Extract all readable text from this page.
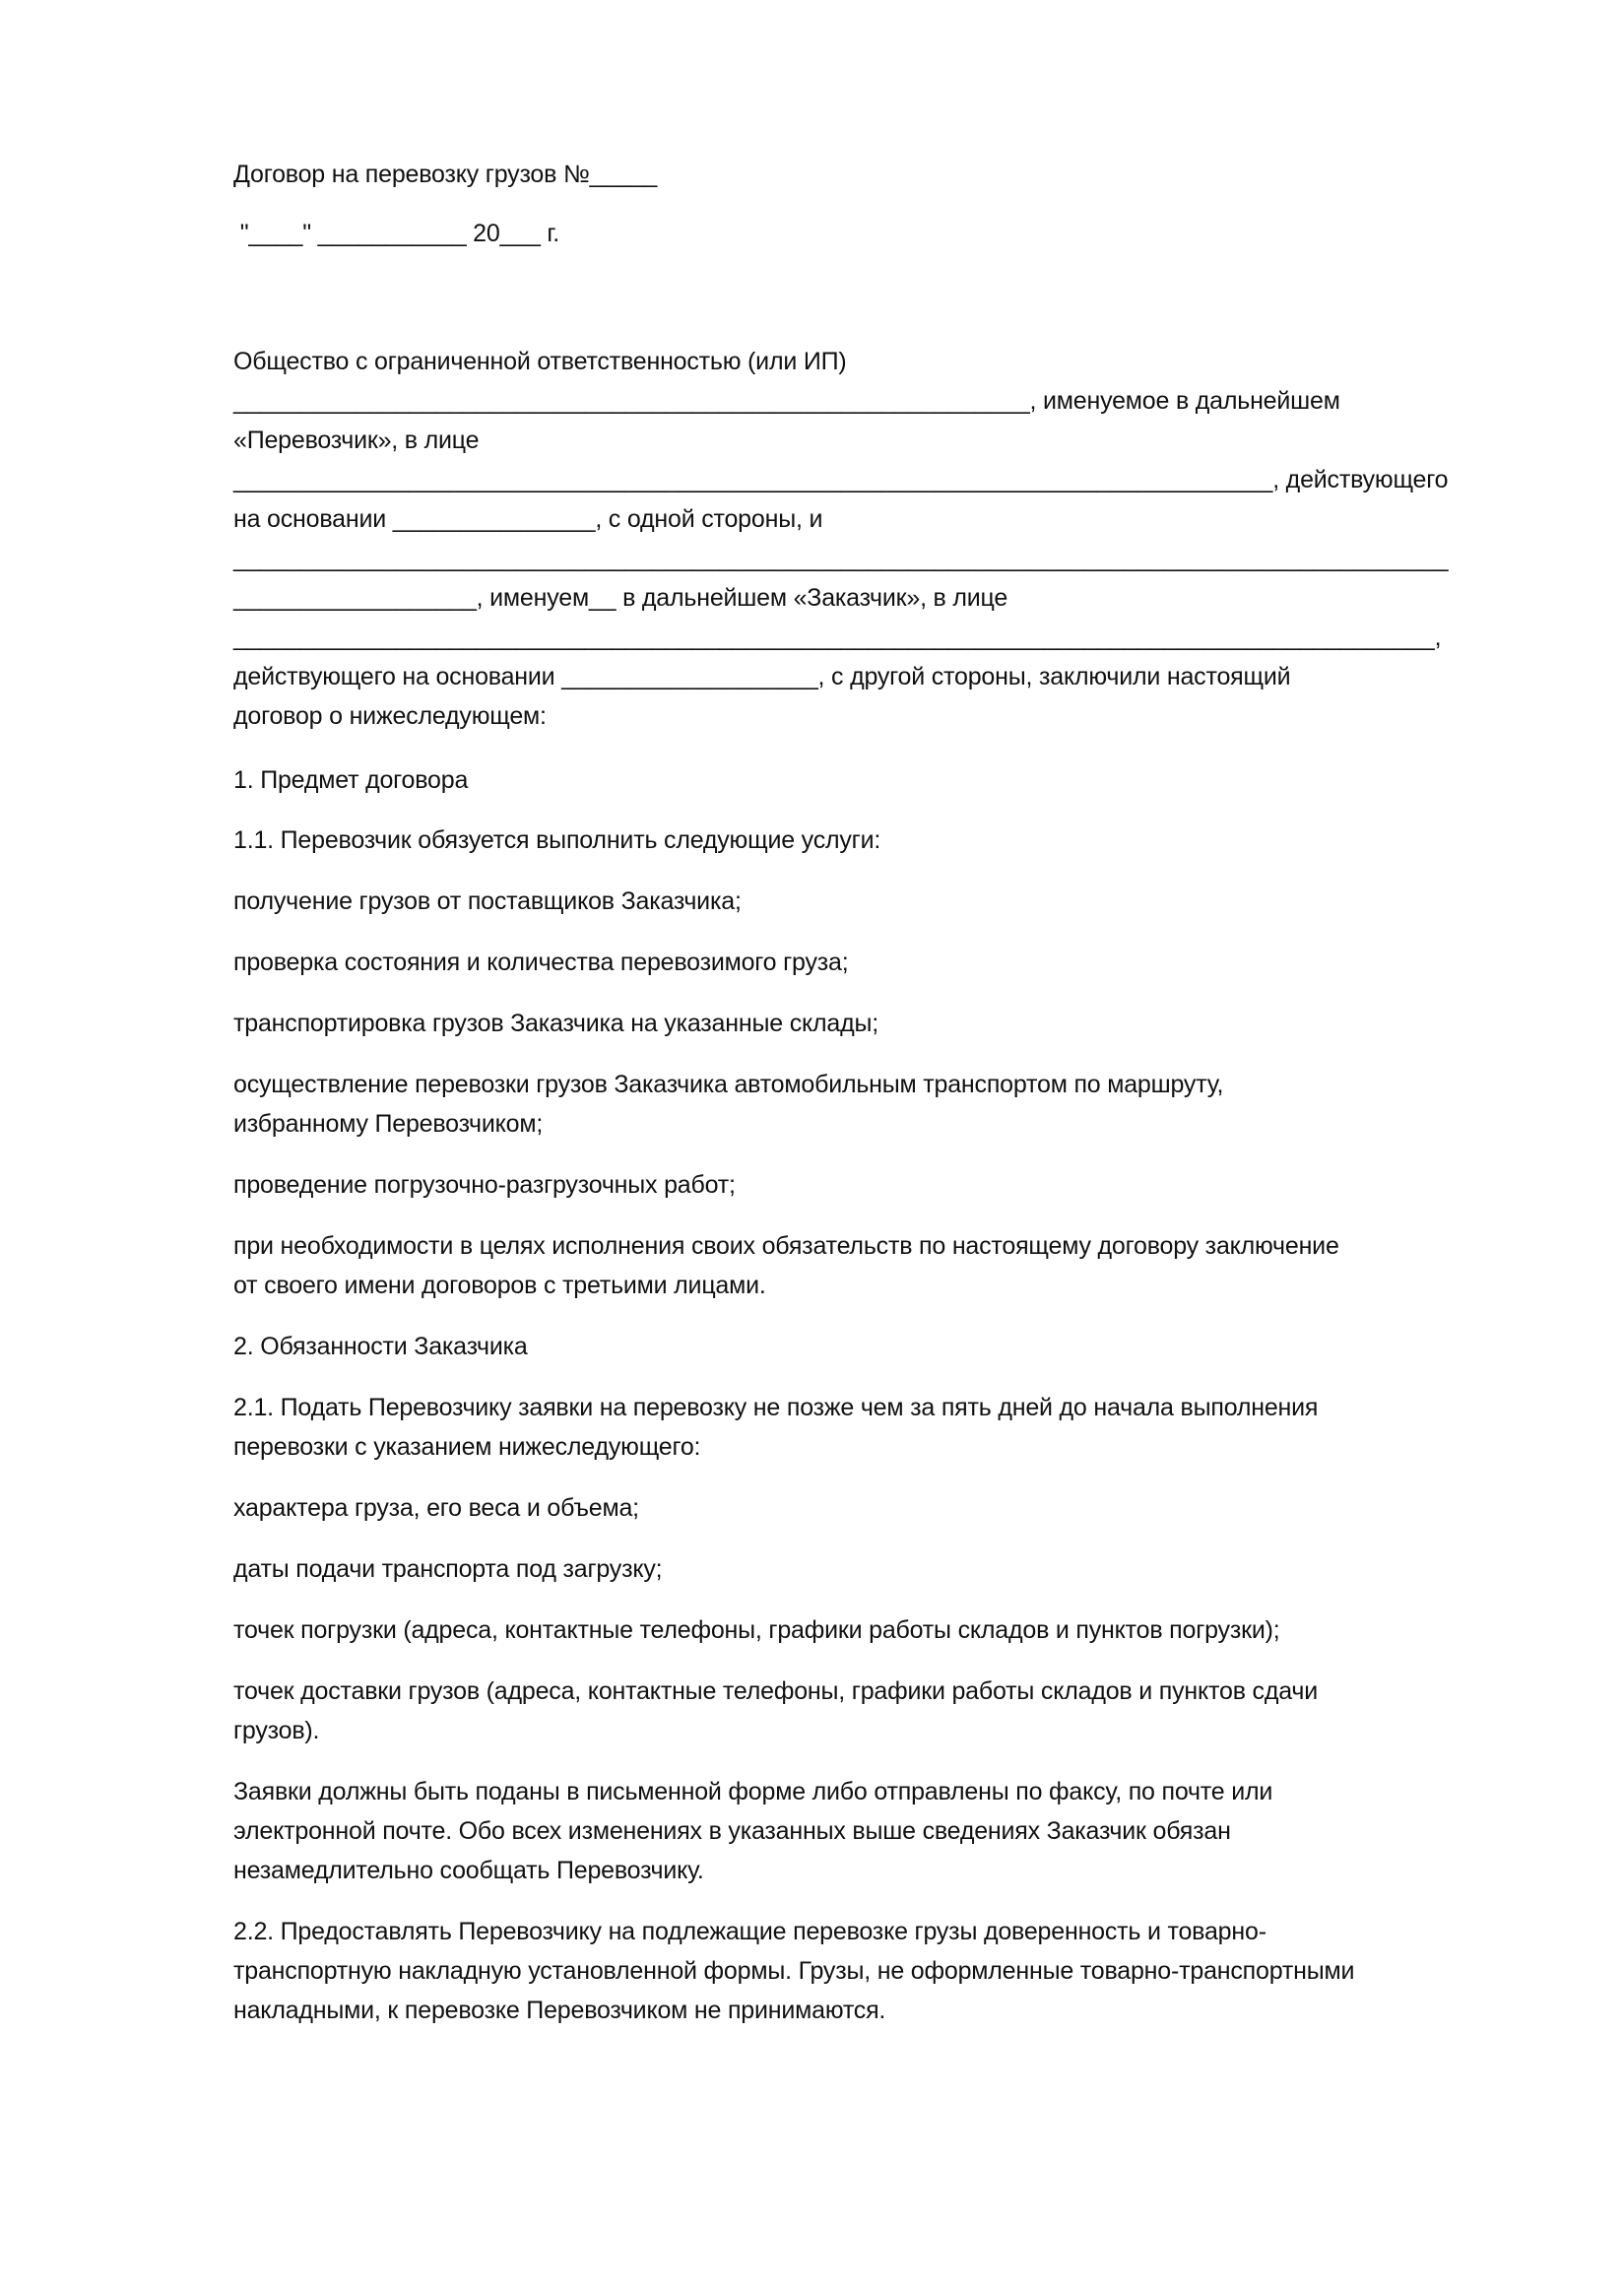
Договор на перевозку грузов №_____
"____" ___________ 20___ г.
Общество с ограниченной ответственностью (или ИП)
___________________________________________________________, именуемое в дальнейшем
«Перевозчик», в лице
_____________________________________________________________________________, действующего
на основании _______________, с одной стороны, и
__________________________________________________________________________________________
__________________, именуем__ в дальнейшем «Заказчик», в лице
_________________________________________________________________________________________,
действующего на основании ___________________, с другой стороны, заключили настоящий
договор о нижеследующем:
1. Предмет договора
1.1. Перевозчик обязуется выполнить следующие услуги:
получение грузов от поставщиков Заказчика;
проверка состояния и количества перевозимого груза;
транспортировка грузов Заказчика на указанные склады;
осуществление перевозки грузов Заказчика автомобильным транспортом по маршруту,
избранному Перевозчиком;
проведение погрузочно-разгрузочных работ;
при необходимости в целях исполнения своих обязательств по настоящему договору заключение
от своего имени договоров с третьими лицами.
2. Обязанности Заказчика
2.1. Подать Перевозчику заявки на перевозку не позже чем за пять дней до начала выполнения
перевозки с указанием нижеследующего:
характера груза, его веса и объема;
даты подачи транспорта под загрузку;
точек погрузки (адреса, контактные телефоны, графики работы складов и пунктов погрузки);
точек доставки грузов (адреса, контактные телефоны, графики работы складов и пунктов сдачи
грузов).
Заявки должны быть поданы в письменной форме либо отправлены по факсу, по почте или
электронной почте. Обо всех изменениях в указанных выше сведениях Заказчик обязан
незамедлительно сообщать Перевозчику.
2.2. Предоставлять Перевозчику на подлежащие перевозке грузы доверенность и товарно-
транспортную накладную установленной формы. Грузы, не оформленные товарно-транспортными
накладными, к перевозке Перевозчиком не принимаются.
